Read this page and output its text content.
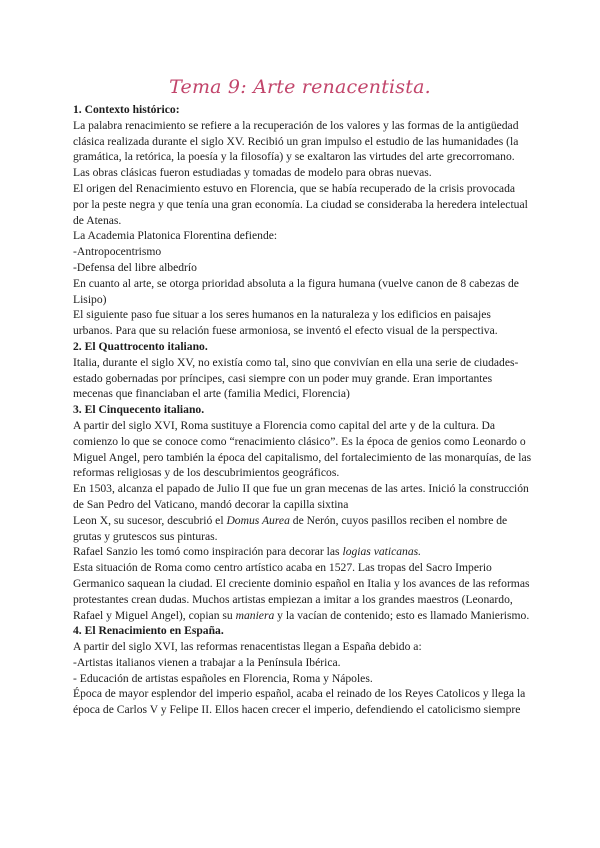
Tema 9: Arte renacentista.
1. Contexto histórico:

La palabra renacimiento se refiere a la recuperación de los valores y las formas de la antigüedad clásica realizada durante el siglo XV. Recibió un gran impulso el estudio de las humanidades (la gramática, la retórica, la poesía y la filosofía) y se exaltaron las virtudes del arte grecorromano. Las obras clásicas fueron estudiadas y tomadas de modelo para obras nuevas.

El origen del Renacimiento estuvo en Florencia, que se había recuperado de la crisis provocada por la peste negra y que tenía una gran economía. La ciudad se consideraba la heredera intelectual de Atenas.

La Academia Platonica Florentina defiende:

-Antropocentrismo

-Defensa del libre albedrío

En cuanto al arte, se otorga prioridad absoluta a la figura humana (vuelve canon de 8 cabezas de Lisipo)

El siguiente paso fue situar a los seres humanos en la naturaleza y los edificios en paisajes urbanos. Para que su relación fuese armoniosa, se inventó el efecto visual de la perspectiva.

2. El Quattrocento italiano.

Italia, durante el siglo XV, no existía como tal, sino que convivían en ella una serie de ciudades-estado gobernadas por príncipes, casi siempre con un poder muy grande. Eran importantes mecenas que financiaban el arte (familia Medici, Florencia)

3. El Cinquecento italiano.

A partir del siglo XVI, Roma sustituye a Florencia como capital del arte y de la cultura. Da comienzo lo que se conoce como “renacimiento clásico”. Es la época de genios como Leonardo o Miguel Angel, pero también la época del capitalismo, del fortalecimiento de las monarquías, de las reformas religiosas y de los descubrimientos geográficos.

En 1503, alcanza el papado de Julio II que fue un gran mecenas de las artes. Inició la construcción de San Pedro del Vaticano, mandó decorar la capilla sixtina

Leon X, su sucesor, descubrió el Domus Aurea de Nerón, cuyos pasillos reciben el nombre de grutas y grutescos sus pinturas.

Rafael Sanzio les tomó como inspiración para decorar las logias vaticanas.

Esta situación de Roma como centro artístico acaba en 1527. Las tropas del Sacro Imperio Germanico saquean la ciudad. El creciente dominio español en Italia y los avances de las reformas protestantes crean dudas. Muchos artistas empiezan a imitar a los grandes maestros (Leonardo, Rafael y Miguel Angel), copian su maniera y la vacían de contenido; esto es llamado Manierismo.

4. El Renacimiento en España.

A partir del siglo XVI, las reformas renacentistas llegan a España debido a:

-Artistas italianos vienen a trabajar a la Península Ibérica.

- Educación de artistas españoles en Florencia, Roma y Nápoles.

Época de mayor esplendor del imperio español, acaba el reinado de los Reyes Catolicos y llega la época de Carlos V y Felipe II. Ellos hacen crecer el imperio, defendiendo el catolicismo siempre
